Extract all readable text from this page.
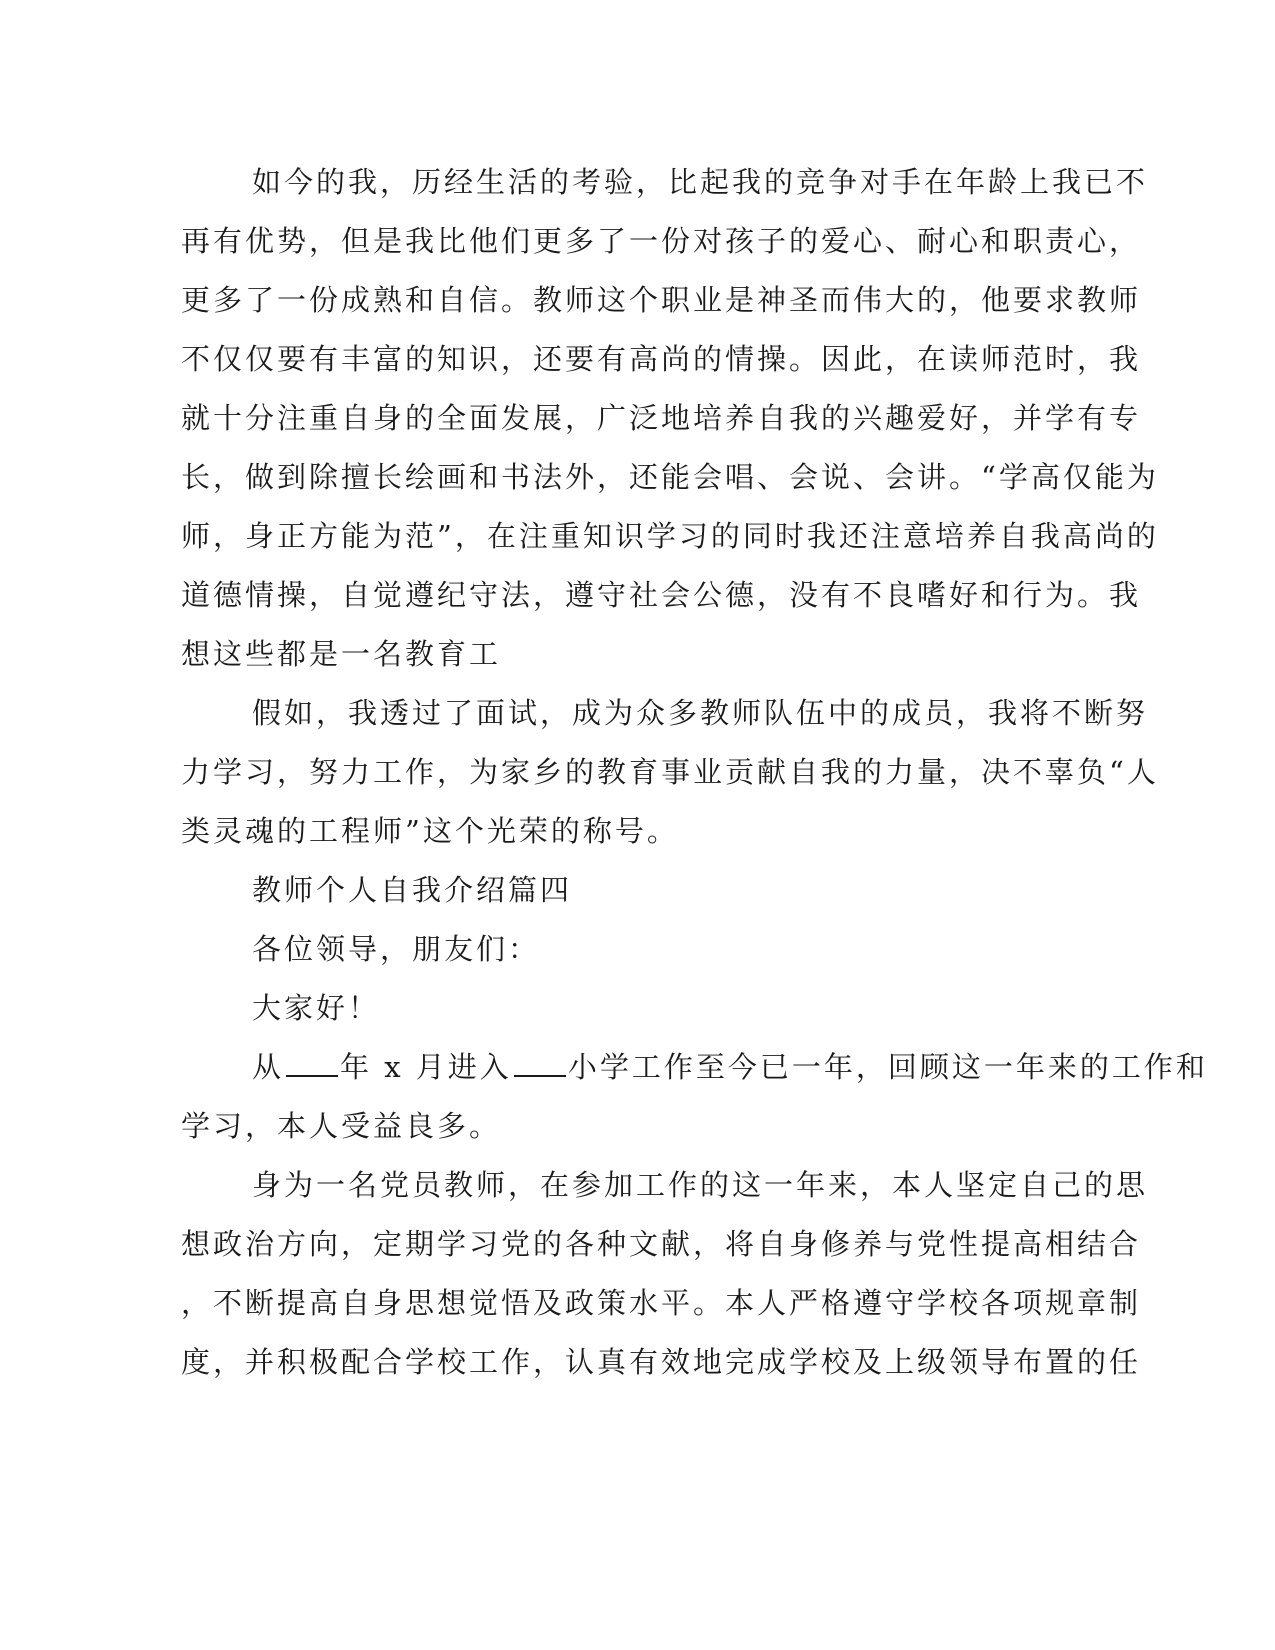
如今的我，历经生活的考验，比起我的竞争对手在年龄上我已不
再有优势，但是我比他们更多了一份对孩子的爱心、耐心和职责心，
更多了一份成熟和自信。教师这个职业是神圣而伟大的，他要求教师
不仅仅要有丰富的知识，还要有高尚的情操。因此，在读师范时，我
就十分注重自身的全面发展，广泛地培养自我的兴趣爱好，并学有专
长，做到除擅长绘画和书法外，还能会唱、会说、会讲。“学高仅能为
师，身正方能为范”，在注重知识学习的同时我还注意培养自我高尚的
道德情操，自觉遵纪守法，遵守社会公德，没有不良嗜好和行为。我
想这些都是一名教育工
假如，我透过了面试，成为众多教师队伍中的成员，我将不断努
力学习，努力工作，为家乡的教育事业贡献自我的力量，决不辜负“人
类灵魂的工程师”这个光荣的称号。
教师个人自我介绍篇四
各位领导，朋友们：
大家好！
从 年 x 月进入 小学工作至今已一年，回顾这一年来的工作和
学习，本人受益良多。
身为一名党员教师，在参加工作的这一年来，本人坚定自己的思
想政治方向，定期学习党的各种文献，将自身修养与党性提高相结合
，不断提高自身思想觉悟及政策水平。本人严格遵守学校各项规章制
度，并积极配合学校工作，认真有效地完成学校及上级领导布置的任
